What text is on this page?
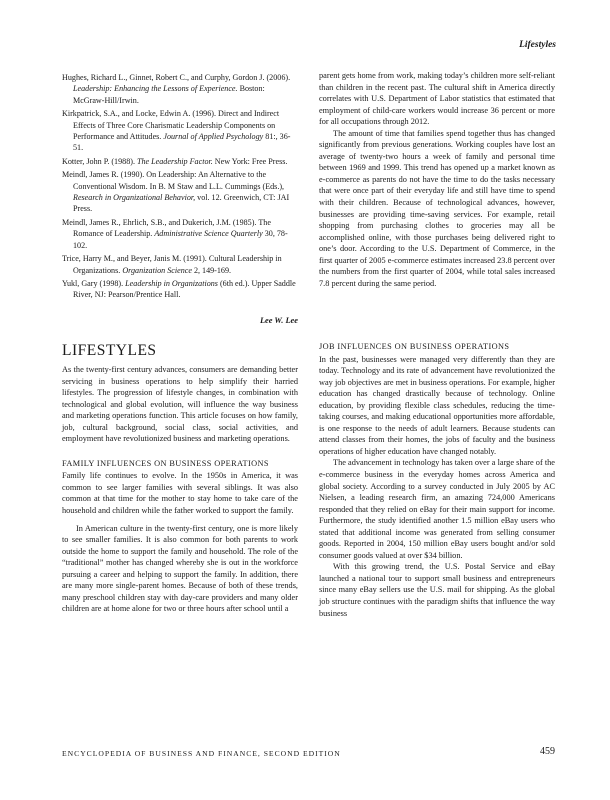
Lifestyles

Hughes, Richard L., Ginnet, Robert C., and Curphy, Gordon J. (2006). Leadership: Enhancing the Lessons of Experience. Boston: McGraw-Hill/Irwin.

Kirkpatrick, S.A., and Locke, Edwin A. (1996). Direct and Indirect Effects of Three Core Charismatic Leadership Components on Performance and Attitudes. Journal of Applied Psychology 81:, 36-51.

Kotter, John P. (1988). The Leadership Factor. New York: Free Press.

Meindl, James R. (1990). On Leadership: An Alternative to the Conventional Wisdom. In B. M Staw and L.L. Cummings (Eds.), Research in Organizational Behavior, vol. 12. Greenwich, CT: JAI Press.

Meindl, James R., Ehrlich, S.B., and Dukerich, J.M. (1985). The Romance of Leadership. Administrative Science Quarterly 30, 78-102.

Trice, Harry M., and Beyer, Janis M. (1991). Cultural Leadership in Organizations. Organization Science 2, 149-169.

Yukl, Gary (1998). Leadership in Organizations (6th ed.). Upper Saddle River, NJ: Pearson/Prentice Hall.

Lee W. Lee

parent gets home from work, making today’s children more self-reliant than children in the recent past. The cultural shift in America directly correlates with U.S. Department of Labor statistics that estimated that employment of child-care workers would increase 36 percent or more for all occupations through 2012.

The amount of time that families spend together thus has changed significantly from previous generations. Working couples have lost an average of twenty-two hours a week of family and personal time between 1969 and 1999. This trend has opened up a market known as e-commerce as parents do not have the time to do the tasks necessary that were once part of their everyday life and still have time to spend with their children. Because of technological advances, however, businesses are providing time-saving services. For example, retail shopping from purchasing clothes to groceries may all be accomplished online, with those purchases being delivered right to one’s door. According to the U.S. Department of Commerce, in the first quarter of 2005 e-commerce estimates increased 23.8 percent over the numbers from the first quarter of 2004, while total sales increased 7.8 percent during the same period.

LIFESTYLES

As the twenty-first century advances, consumers are demanding better servicing in business operations to help simplify their harried lifestyles. The progression of lifestyle changes, in combination with technological and global evolution, will influence the way business and marketing operations function. This article focuses on how family, job, cultural background, social class, social activities, and employment have revolutionized business and marketing operations.

FAMILY INFLUENCES ON BUSINESS OPERATIONS

Family life continues to evolve. In the 1950s in America, it was common to see larger families with several siblings. It was also common at that time for the mother to stay home to take care of the household and children while the father worked to support the family.

In American culture in the twenty-first century, one is more likely to see smaller families. It is also common for both parents to work outside the home to support the family and household. The role of the “traditional” mother has changed whereby she is out in the workforce pursuing a career and helping to support the family. In addition, there are many more single-parent homes. Because of both of these trends, many preschool children stay with day-care providers and many older children are at home alone for two or three hours after school until a

JOB INFLUENCES ON BUSINESS OPERATIONS

In the past, businesses were managed very differently than they are today. Technology and its rate of advancement have revolutionized the way job objectives are met in business operations. For example, higher education has changed drastically because of technology. Online education, by providing flexible class schedules, reducing the time-taking courses, and making educational opportunities more affordable, is one response to the needs of adult learners. Because students can attend classes from their homes, the jobs of faculty and the business operations of higher education have changed notably.

The advancement in technology has taken over a large share of the e-commerce business in the everyday homes across America and global society. According to a survey conducted in July 2005 by AC Nielsen, a leading research firm, an amazing 724,000 Americans responded that they relied on eBay for their main support for income. Furthermore, the study identified another 1.5 million eBay users who stated that additional income was generated from selling consumer goods. Reported in 2004, 150 million eBay users bought and/or sold consumer goods valued at over $34 billion.

With this growing trend, the U.S. Postal Service and eBay launched a national tour to support small business and entrepreneurs since many eBay sellers use the U.S. mail for shipping. As the global job structure continues with the paradigm shifts that influence the way business

ENCYCLOPEDIA OF BUSINESS AND FINANCE, SECOND EDITION	459
